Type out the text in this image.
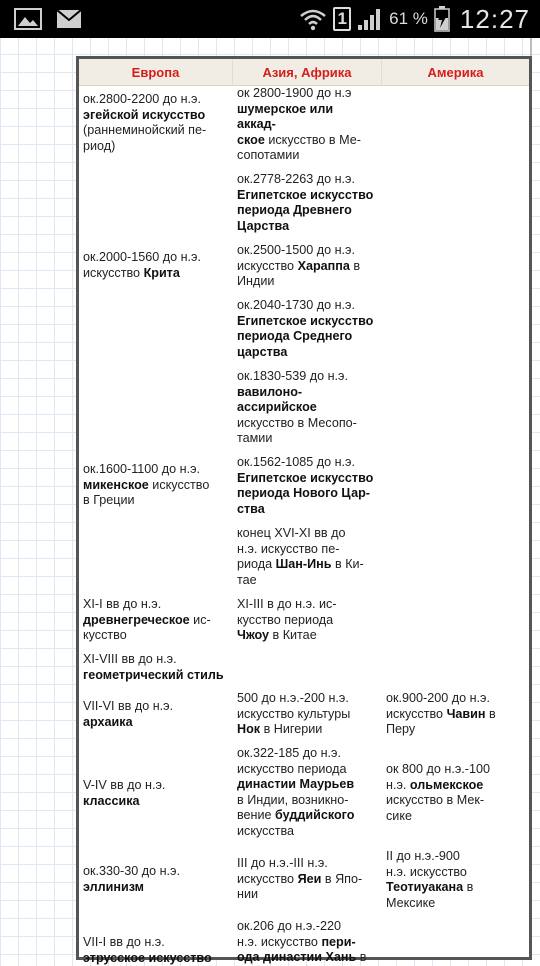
1 61 % 12:27
Европа	Азия, Африка	Америка
ок.2800-2200 до н.э.
эгейской искусство
(раннеминойский пе-
риод)
ок 2800-1900 до н.э
шумерское или
аккад-
ское искусство в Ме-
сопотамии
ок.2778-2263 до н.э.
Египетское искусство
периода Древнего
Царства
ок.2000-1560 до н.э.
искусство Крита
ок.2500-1500 до н.э.
искусство Хараппа в
Индии
ок.2040-1730 до н.э.
Египетское искусство
периода Среднего
царства
ок.1830-539 до н.э.
вавилоно-
ассирийское
искусство в Месопо-
тамии
ок.1600-1100 до н.э.
микенское искусство
в Греции
ок.1562-1085 до н.э.
Египетское искусство
периода Нового Цар-
ства
конец XVI-XI вв до
н.э. искусство пе-
риода Шан-Инь в Ки-
тае
XI-I вв до н.э.
древнегреческое ис-
кусство
XI-III в до н.э. ис-
кусство периода
Чжоу в Китае
XI-VIII вв до н.э.
геометрический стиль
VII-VI вв до н.э.
архаика
500 до н.э.-200 н.э.
искусство культуры
Нок в Нигерии
ок.900-200 до н.э.
искусство Чавин в
Перу
ок.322-185 до н.э.
искусство периода
династии Маурьев
в Индии, возникно-
вение буддийского
искусства
V-IV вв до н.э.
классика
ок 800 до н.э.-100
н.э. ольмекское
искусство в Мек-
сике
ок.330-30 до н.э.
эллинизм
III до н.э.-III н.э.
искусство Яеи в Япо-
нии
II до н.э.-900
н.э. искусство
Теотиуакана в
Мексике
VII-I вв до н.э.
этрусское искусство
ок.206 до н.э.-220
н.э. искусство пери-
ода династии Хань в
